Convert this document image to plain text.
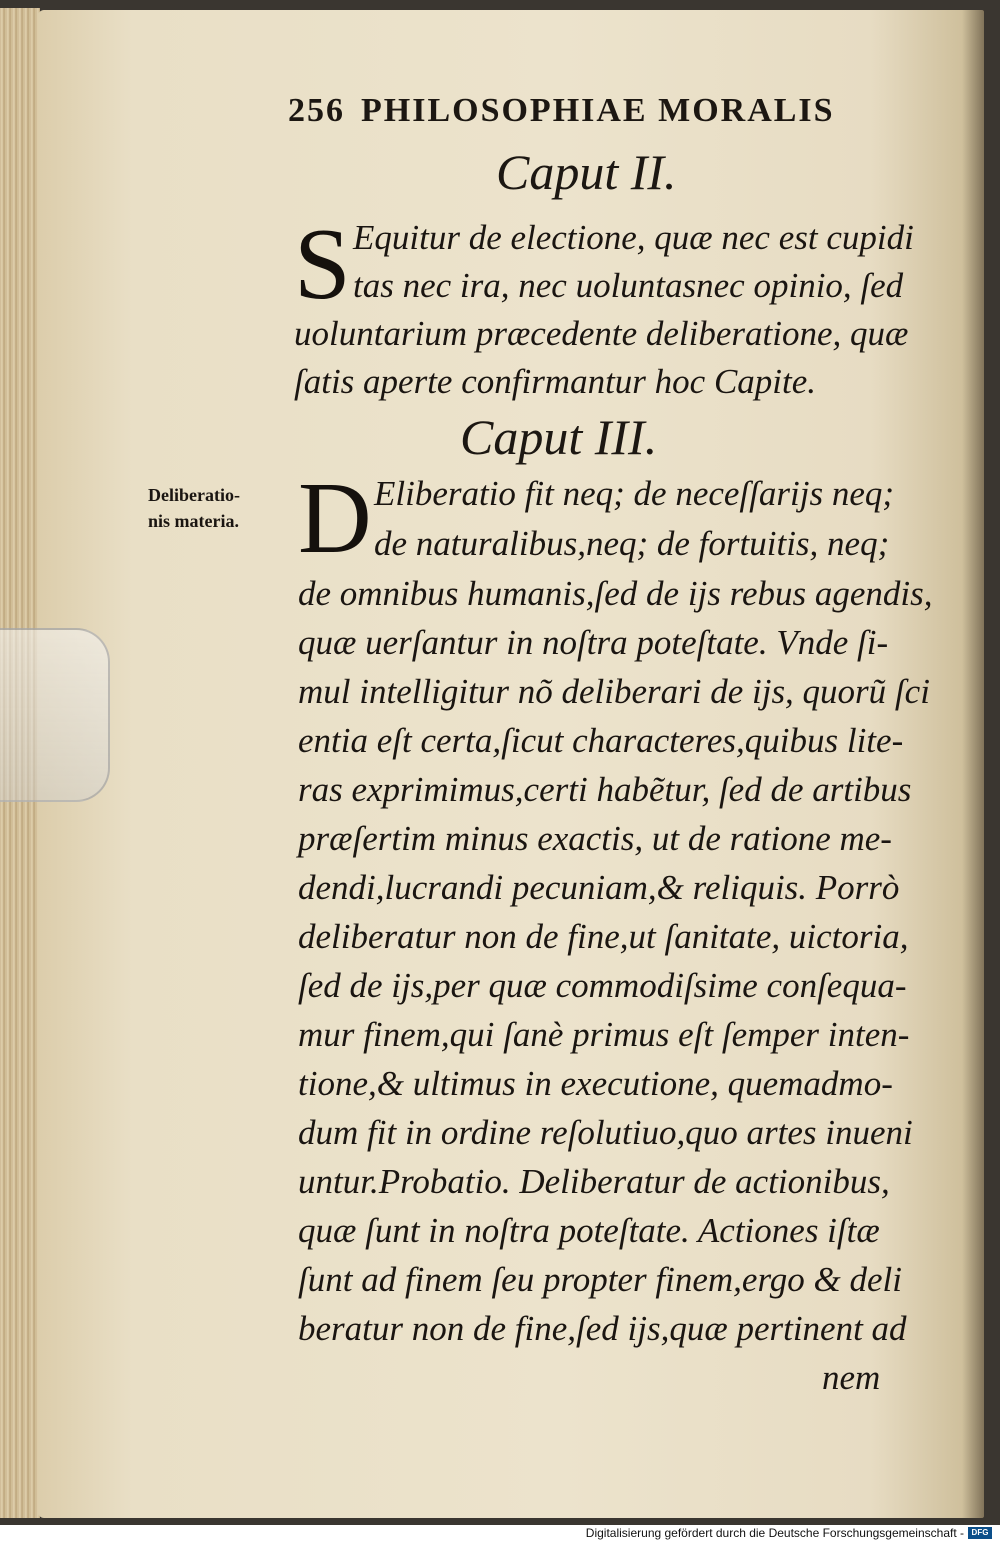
256 PHILOSOPHIAE MORALIS
Caput II.
S Equitur de electione, quæ nec est cupidi
tas nec ira, nec uoluntasnec opinio, ſed
uoluntarium præcedente deliberatione, quæ
ſatis aperte confirmantur hoc Capite.
Caput III.
Deliberatio-
nis materia. D Eliberatio fit neq; de neceſſarijs neq;
de naturalibus,neq; de fortuitis, neq;
de omnibus humanis,ſed de ijs rebus agendis,
quæ uerſantur in noſtra poteſtate. Vnde ſi-
mul intelligitur nõ deliberari de ijs, quorũ ſci
entia eſt certa,ſicut characteres,quibus lite-
ras exprimimus,certi habẽtur, ſed de artibus
præſertim minus exactis, ut de ratione me-
dendi,lucrandi pecuniam,& reliquis. Porrò
deliberatur non de fine,ut ſanitate, uictoria,
ſed de ijs,per quæ commodiſsime conſequa-
mur finem,qui ſanè primus eſt ſemper inten-
tione,& ultimus in executione, quemadmo-
dum fit in ordine reſolutiuo,quo artes inueni
untur.Probatio. Deliberatur de actionibus,
quæ ſunt in noſtra poteſtate. Actiones iſtæ
ſunt ad finem ſeu propter finem,ergo & deli
beratur non de fine,ſed ijs,quæ pertinent ad
nem
Digitalisierung gefördert durch die Deutsche Forschungsgemeinschaft - DFG
